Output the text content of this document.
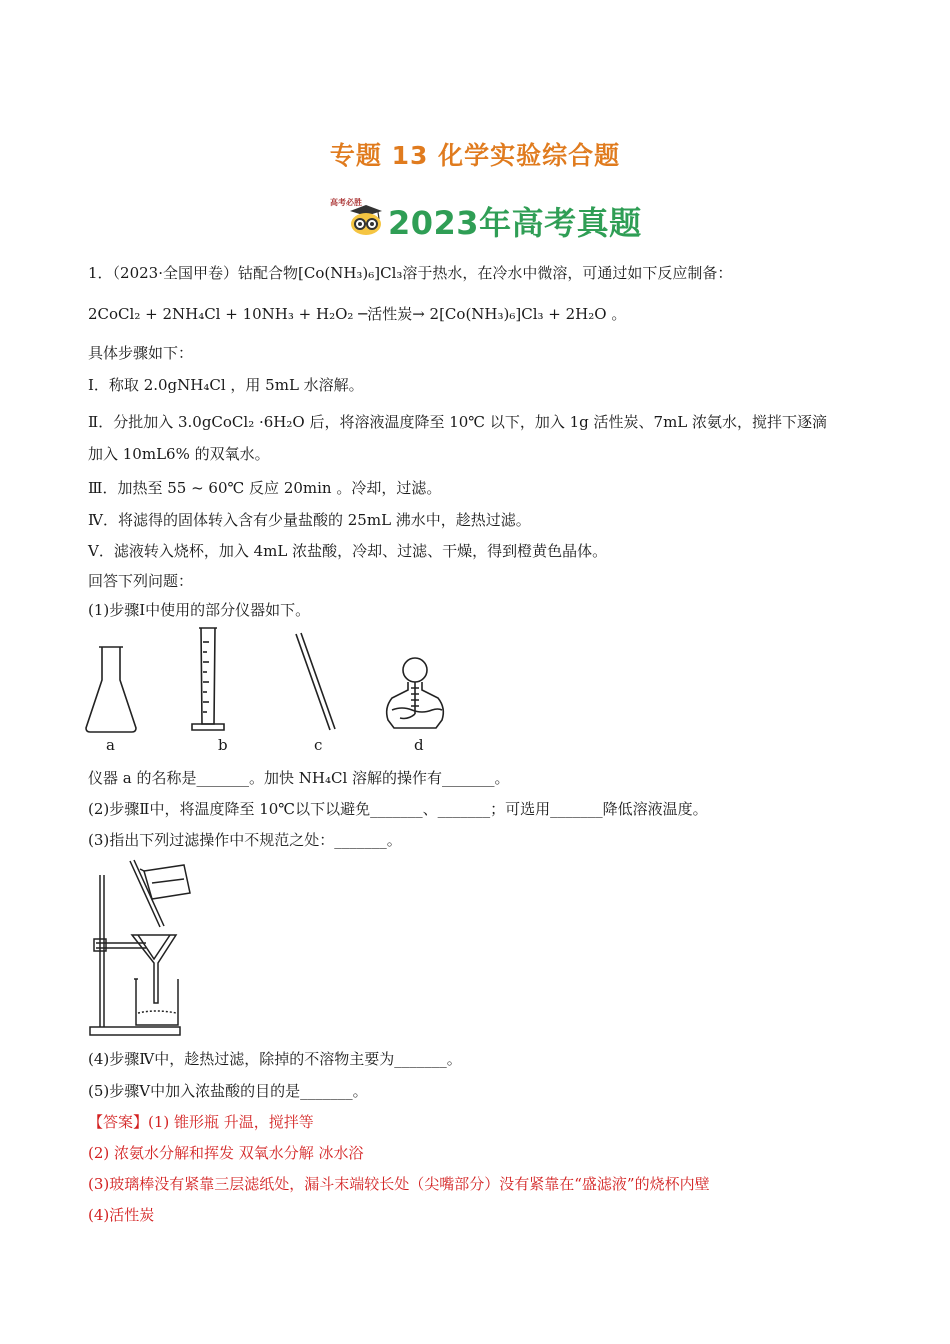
专题 13 化学实验综合题
高考必胜
2023年高考真题
1．（2023·全国甲卷）钴配合物[Co(NH₃)₆]Cl₃溶于热水，在冷水中微溶，可通过如下反应制备：
2CoCl₂ + 2NH₄Cl + 10NH₃ + H₂O₂ ─活性炭→ 2[Co(NH₃)₆]Cl₃ + 2H₂O 。
具体步骤如下：
Ⅰ．称取 2.0gNH₄Cl ，用 5mL 水溶解。
Ⅱ．分批加入 3.0gCoCl₂ ·6H₂O 后，将溶液温度降至 10℃ 以下，加入 1g 活性炭、7mL 浓氨水，搅拌下逐滴
加入 10mL6% 的双氧水。
Ⅲ．加热至 55 ~ 60℃ 反应 20min 。冷却，过滤。
Ⅳ．将滤得的固体转入含有少量盐酸的 25mL 沸水中，趁热过滤。
Ⅴ．滤液转入烧杯，加入 4mL 浓盐酸，冷却、过滤、干燥，得到橙黄色晶体。
回答下列问题：
(1)步骤Ⅰ中使用的部分仪器如下。
a	b	c	d
仪器 a 的名称是_______。加快 NH₄Cl 溶解的操作有_______。
(2)步骤Ⅱ中，将温度降至 10℃以下以避免_______、_______；可选用_______降低溶液温度。
(3)指出下列过滤操作中不规范之处：_______。
(4)步骤Ⅳ中，趁热过滤，除掉的不溶物主要为_______。
(5)步骤Ⅴ中加入浓盐酸的目的是_______。
【答案】(1) 锥形瓶 升温，搅拌等
(2) 浓氨水分解和挥发 双氧水分解 冰水浴
(3)玻璃棒没有紧靠三层滤纸处，漏斗末端较长处（尖嘴部分）没有紧靠在“盛滤液”的烧杯内壁
(4)活性炭
